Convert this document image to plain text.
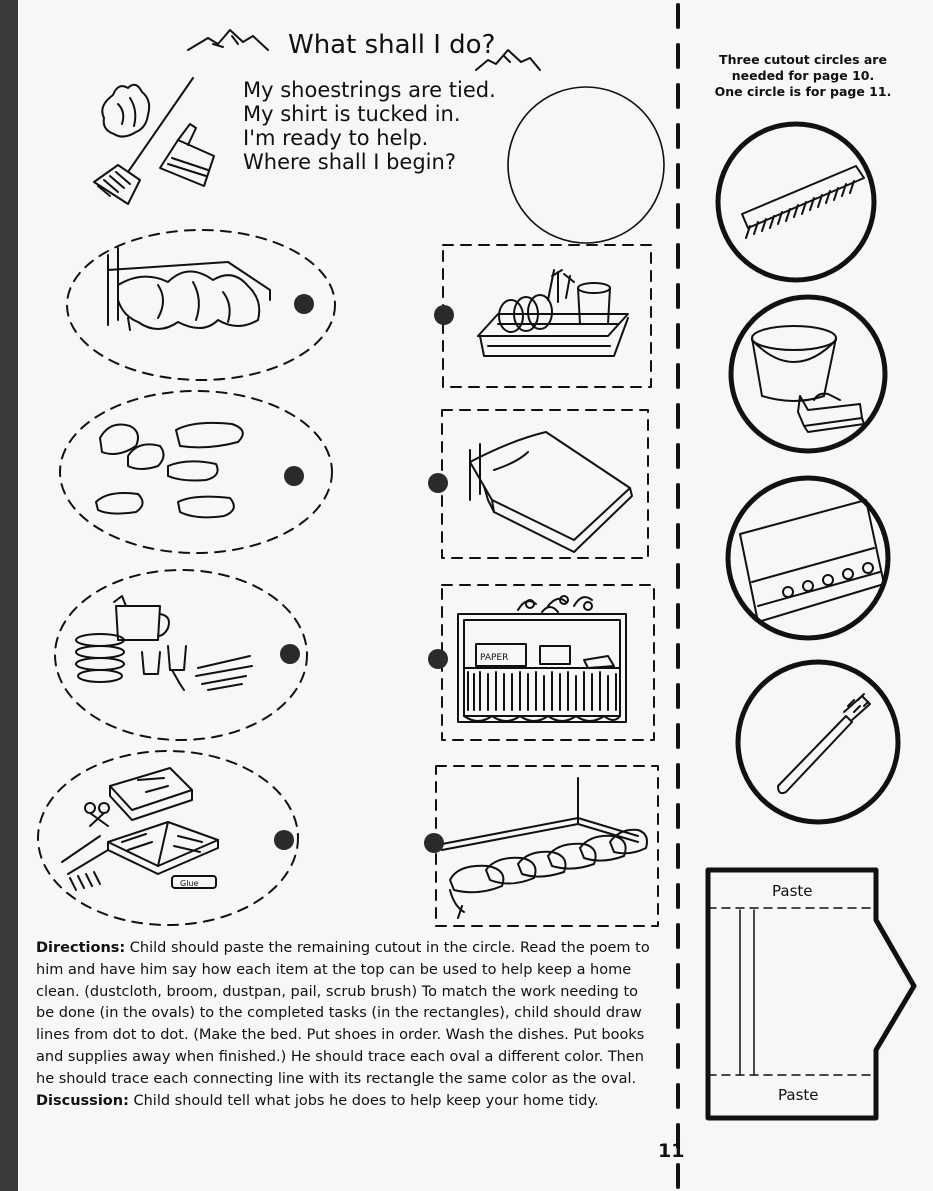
What shall I do?
My shoestrings are tied.
My shirt is tucked in.
I'm ready to help.
Where shall I begin?
Three cutout circles are
needed for page 10.
One circle is for page 11.
PAPER
Glue	Paste
Paste
Directions: Child should paste the remaining cutout in the circle. Read the poem to
him and have him say how each item at the top can be used to help keep a home
clean. (dustcloth, broom, dustpan, pail, scrub brush) To match the work needing to
be done (in the ovals) to the completed tasks (in the rectangles), child should draw
lines from dot to dot. (Make the bed. Put shoes in order. Wash the dishes. Put books
and supplies away when finished.) He should trace each oval a different color. Then
he should trace each connecting line with its rectangle the same color as the oval.
Discussion: Child should tell what jobs he does to help keep your home tidy.
11
